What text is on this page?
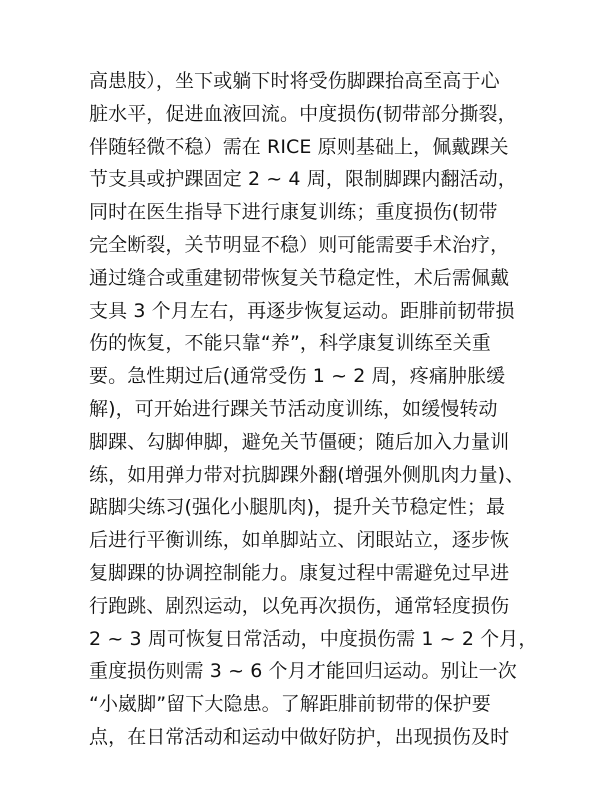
高患肢），坐下或躺下时将受伤脚踝抬高至高于心
脏水平，促进血液回流。中度损伤(韧带部分撕裂，
伴随轻微不稳）需在 RICE 原则基础上，佩戴踝关
节支具或护踝固定 2 ~ 4 周，限制脚踝内翻活动，
同时在医生指导下进行康复训练；重度损伤(韧带
完全断裂，关节明显不稳）则可能需要手术治疗，
通过缝合或重建韧带恢复关节稳定性，术后需佩戴
支具 3 个月左右，再逐步恢复运动。距腓前韧带损
伤的恢复，不能只靠“养”，科学康复训练至关重
要。急性期过后(通常受伤 1 ~ 2 周，疼痛肿胀缓
解)，可开始进行踝关节活动度训练，如缓慢转动
脚踝、勾脚伸脚，避免关节僵硬；随后加入力量训
练，如用弹力带对抗脚踝外翻(增强外侧肌肉力量)、
踮脚尖练习(强化小腿肌肉)，提升关节稳定性；最
后进行平衡训练，如单脚站立、闭眼站立，逐步恢
复脚踝的协调控制能力。康复过程中需避免过早进
行跑跳、剧烈运动，以免再次损伤，通常轻度损伤
2 ~ 3 周可恢复日常活动，中度损伤需 1 ~ 2 个月，
重度损伤则需 3 ~ 6 个月才能回归运动。别让一次
“小崴脚”留下大隐患。了解距腓前韧带的保护要
点，在日常活动和运动中做好防护，出现损伤及时
